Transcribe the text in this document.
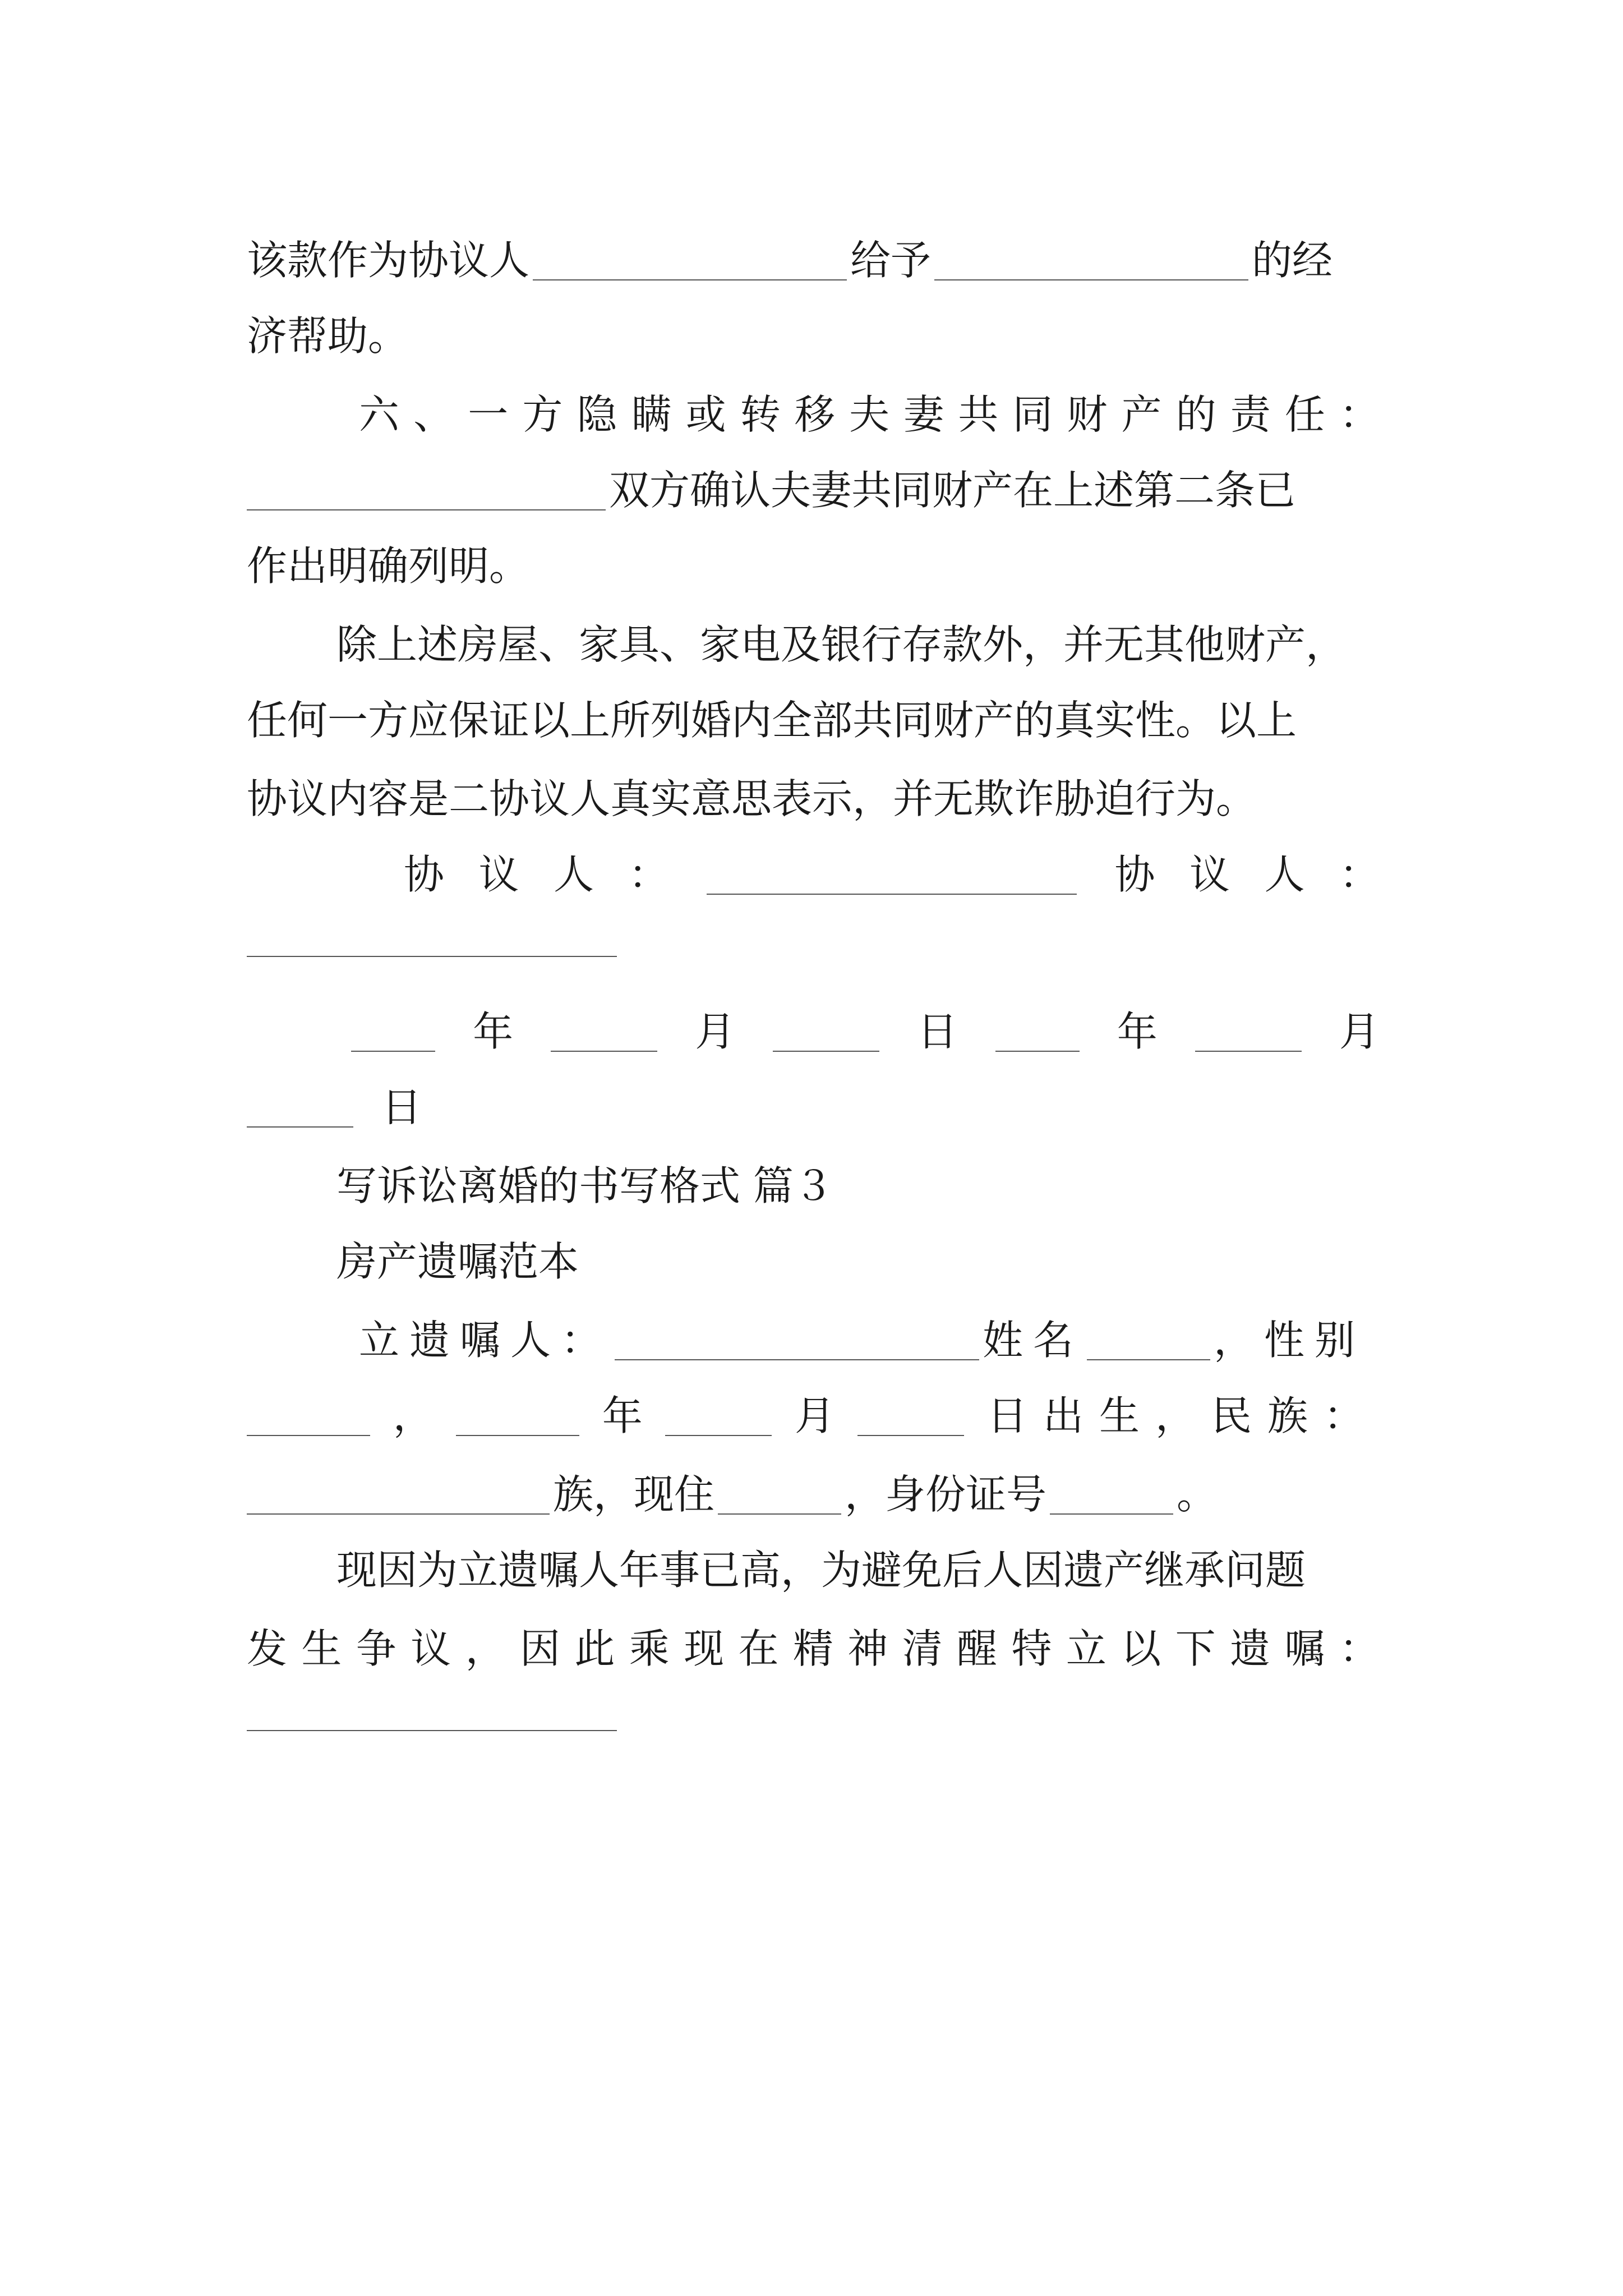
该款作为协议人	给予	的经
济帮助。
六 、 一 方 隐 瞒 或 转 移 夫 妻 共 同 财 产 的 责 任 ：
双方确认夫妻共同财产在上述第二条已
作出明确列明。
除上述房屋、家具、家电及银行存款外，并无其他财产，
任何一方应保证以上所列婚内全部共同财产的真实性。以上
协议内容是二协议人真实意思表示，并无欺诈胁迫行为。
协 议 人 ：	协 议 人 ：
年	月	日	年	月
日
写诉讼离婚的书写格式 篇３
房产遗嘱范本
立遗嘱人：	姓名	，性别
，	年	月	日出生，民族：
族，现住	，身份证号	。
现因为立遗嘱人年事已高，为避免后人因遗产继承问题
发 生 争 议 ， 因 此 乘 现 在 精 神 清 醒 特 立 以 下 遗 嘱 ：
